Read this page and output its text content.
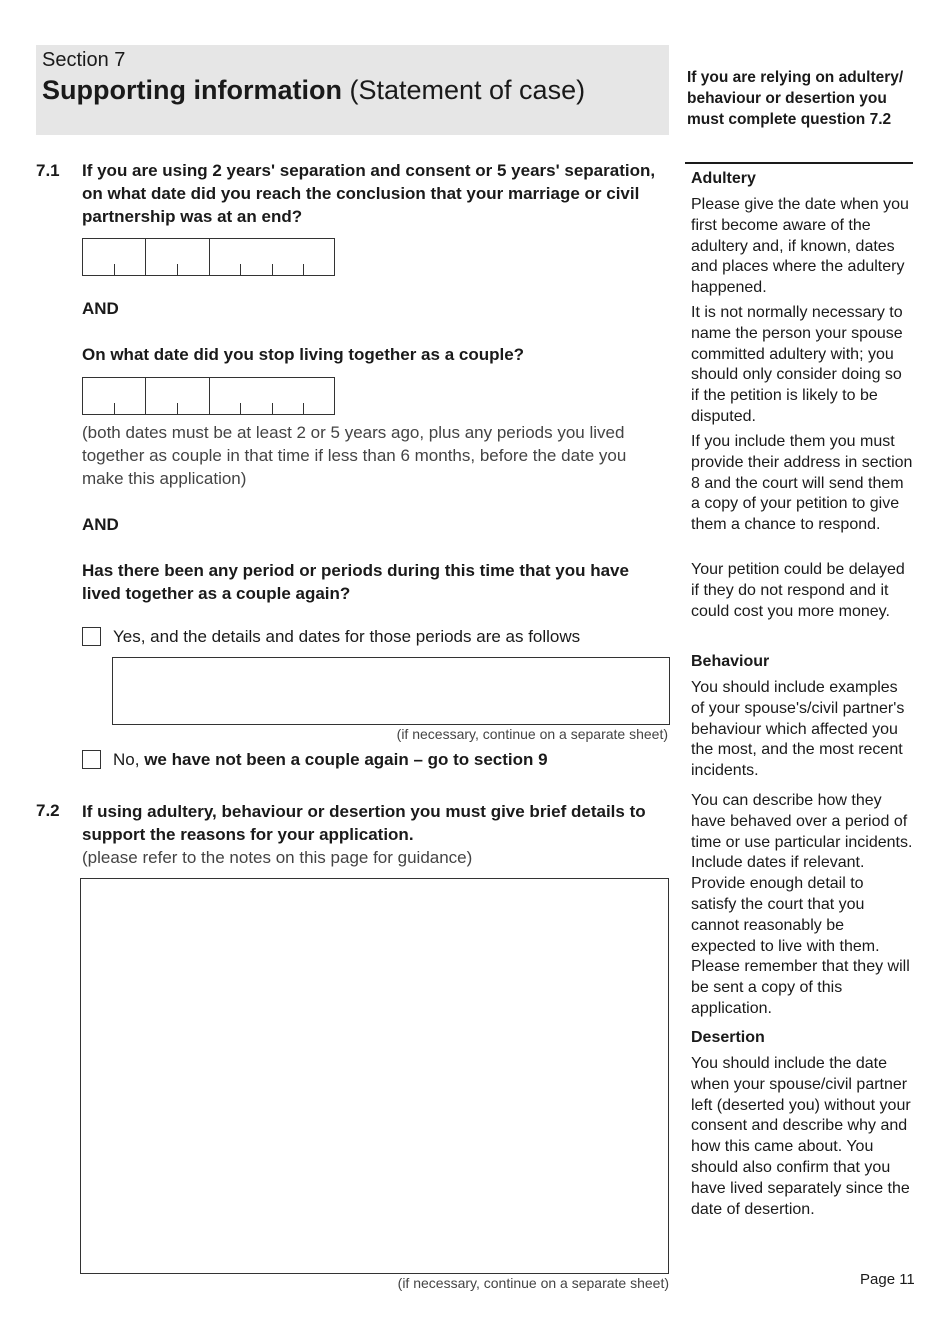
Section 7
Supporting information (Statement of case)	If you are relying on adultery/ behaviour or desertion you must complete question 7.2
7.1 If you are using 2 years' separation and consent or 5 years' separation, on what date did you reach the conclusion that your marriage or civil partnership was at an end?
AND
On what date did you stop living together as a couple?
(both dates must be at least 2 or 5 years ago, plus any periods you lived together as couple in that time if less than 6 months, before the date you make this application)
AND
Has there been any period or periods during this time that you have lived together as a couple again?
Yes, and the details and dates for those periods are as follows
(if necessary, continue on a separate sheet)
No, we have not been a couple again – go to section 9
7.2 If using adultery, behaviour or desertion you must give brief details to support the reasons for your application.
(please refer to the notes on this page for guidance)
(if necessary, continue on a separate sheet)
Adultery
Please give the date when you first become aware of the adultery and, if known, dates and places where the adultery happened.
It is not normally necessary to name the person your spouse committed adultery with; you should only consider doing so if the petition is likely to be disputed.
If you include them you must provide their address in section 8 and the court will send them a copy of your petition to give them a chance to respond.
Your petition could be delayed if they do not respond and it could cost you more money.
Behaviour
You should include examples of your spouse's/civil partner's behaviour which affected you the most, and the most recent incidents.
You can describe how they have behaved over a period of time or use particular incidents. Include dates if relevant. Provide enough detail to satisfy the court that you cannot reasonably be expected to live with them. Please remember that they will be sent a copy of this application.
Desertion
You should include the date when your spouse/civil partner left (deserted you) without your consent and describe why and how this came about. You should also confirm that you have lived separately since the date of desertion.
Page 11
